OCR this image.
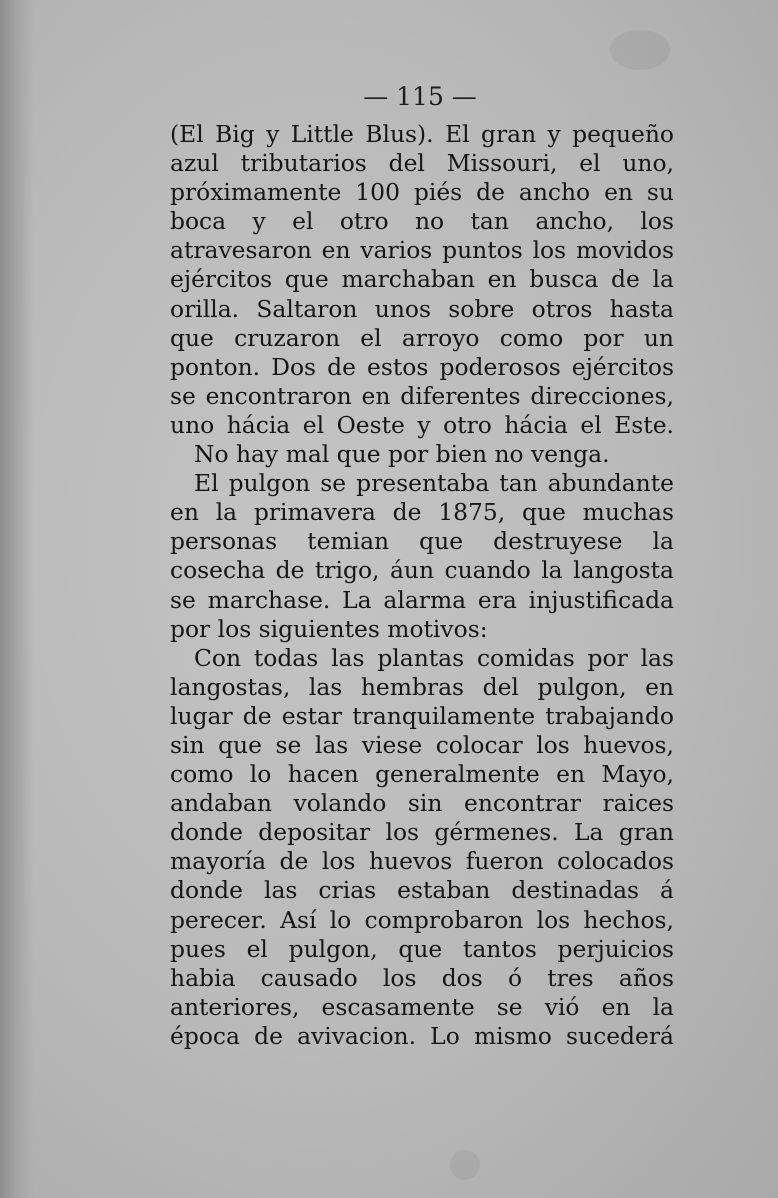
— 115 —

(El Big y Little Blus). El gran y pequeño azul tributarios del Missouri, el uno, próximamente 100 piés de ancho en su boca y el otro no tan ancho, los atravesaron en varios puntos los movidos ejércitos que marchaban en busca de la orilla. Saltaron unos sobre otros hasta que cruzaron el arroyo como por un ponton. Dos de estos poderosos ejércitos se encontraron en diferentes direcciones, uno hácia el Oeste y otro hácia el Este.

No hay mal que por bien no venga.

El pulgon se presentaba tan abundante en la primavera de 1875, que muchas personas temian que destruyese la cosecha de trigo, áun cuando la langosta se marchase. La alarma era injustificada por los siguientes motivos:

Con todas las plantas comidas por las langostas, las hembras del pulgon, en lugar de estar tranquilamente trabajando sin que se las viese colocar los huevos, como lo hacen generalmente en Mayo, andaban volando sin encontrar raices donde depositar los gérmenes. La gran mayoría de los huevos fueron colocados donde las crias estaban destinadas á perecer. Así lo comprobaron los hechos, pues el pulgon, que tantos perjuicios habia causado los dos ó tres años anteriores, escasamente se vió en la época de avivacion. Lo mismo sucederá
